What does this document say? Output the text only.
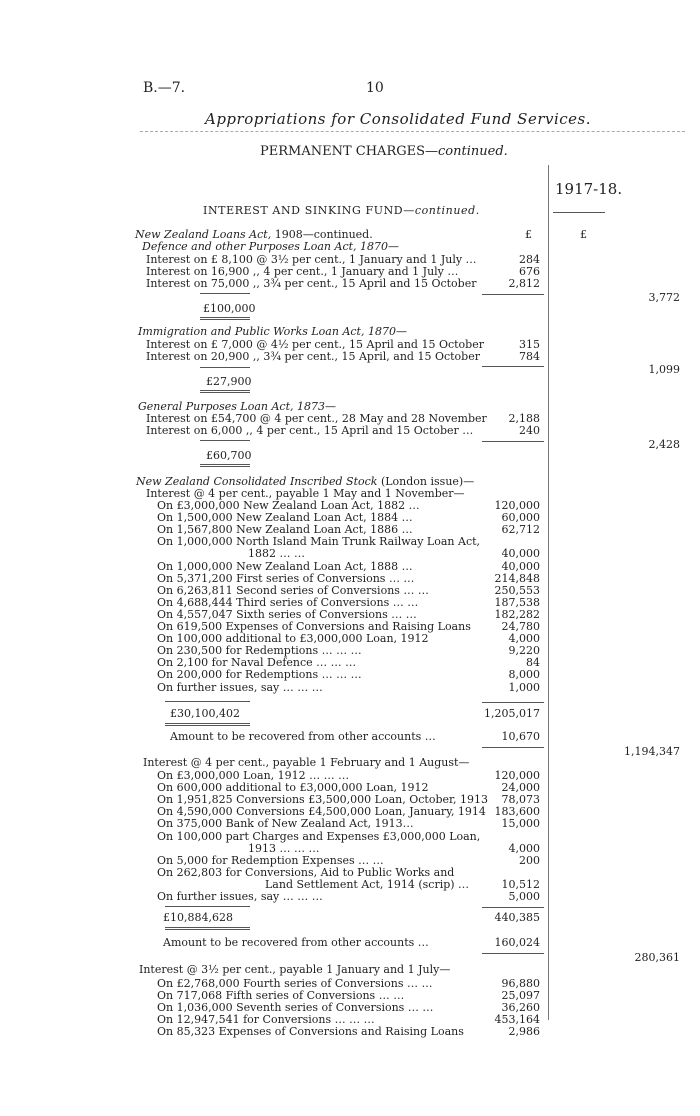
B.—7.	10
Appropriations for Consolidated Fund Services.
PERMANENT CHARGES—continued.
1917-18.
INTEREST AND SINKING FUND—continued.
£	£
New Zealand Loans Act, 1908—continued.
Defence and other Purposes Loan Act, 1870—
Interest on £ 8,100 @ 3½ per cent., 1 January and 1 July …	284
Interest on 16,900 ,, 4 per cent., 1 January and 1 July …	676
Interest on 75,000 ,, 3¾ per cent., 15 April and 15 October	2,812
3,772
£100,000
Immigration and Public Works Loan Act, 1870—
Interest on £ 7,000 @ 4½ per cent., 15 April and 15 October	315
Interest on 20,900 ,, 3¾ per cent., 15 April, and 15 October	784
1,099
£27,900
General Purposes Loan Act, 1873—
Interest on £54,700 @ 4 per cent., 28 May and 28 November	2,188
Interest on 6,000 ,, 4 per cent., 15 April and 15 October …	240
2,428
£60,700
New Zealand Consolidated Inscribed Stock (London issue)—
Interest @ 4 per cent., payable 1 May and 1 November—
On £3,000,000 New Zealand Loan Act, 1882 …	120,000
On 1,500,000 New Zealand Loan Act, 1884 …	60,000
On 1,567,800 New Zealand Loan Act, 1886 …	62,712
On 1,000,000 North Island Main Trunk Railway Loan Act,
1882 … …	40,000
On 1,000,000 New Zealand Loan Act, 1888 …	40,000
On 5,371,200 First series of Conversions … …	214,848
On 6,263,811 Second series of Conversions … …	250,553
On 4,688,444 Third series of Conversions … …	187,538
On 4,557,047 Sixth series of Conversions … …	182,282
On 619,500 Expenses of Conversions and Raising Loans	24,780
On 100,000 additional to £3,000,000 Loan, 1912	4,000
On 230,500 for Redemptions … … …	9,220
On 2,100 for Naval Defence … … …	84
On 200,000 for Redemptions … … …	8,000
On further issues, say … … …	1,000
£30,100,402	1,205,017
Amount to be recovered from other accounts …	10,670
1,194,347
Interest @ 4 per cent., payable 1 February and 1 August—
On £3,000,000 Loan, 1912 … … …	120,000
On 600,000 additional to £3,000,000 Loan, 1912	24,000
On 1,951,825 Conversions £3,500,000 Loan, October, 1913	78,073
On 4,590,000 Conversions £4,500,000 Loan, January, 1914 183,600
On 375,000 Bank of New Zealand Act, 1913…	15,000
On 100,000 part Charges and Expenses £3,000,000 Loan,
1913 … … …	4,000
On 5,000 for Redemption Expenses … …	200
On 262,803 for Conversions, Aid to Public Works and
Land Settlement Act, 1914 (scrip) …	10,512
On further issues, say … … …	5,000
£10,884,628	440,385
Amount to be recovered from other accounts …	160,024
280,361
Interest @ 3½ per cent., payable 1 January and 1 July—
On £2,768,000 Fourth series of Conversions … …	96,880
On 717,068 Fifth series of Conversions … …	25,097
On 1,036,000 Seventh series of Conversions … …	36,260
On 12,947,541 for Conversions … … …	453,164
On 85,323 Expenses of Conversions and Raising Loans	2,986
